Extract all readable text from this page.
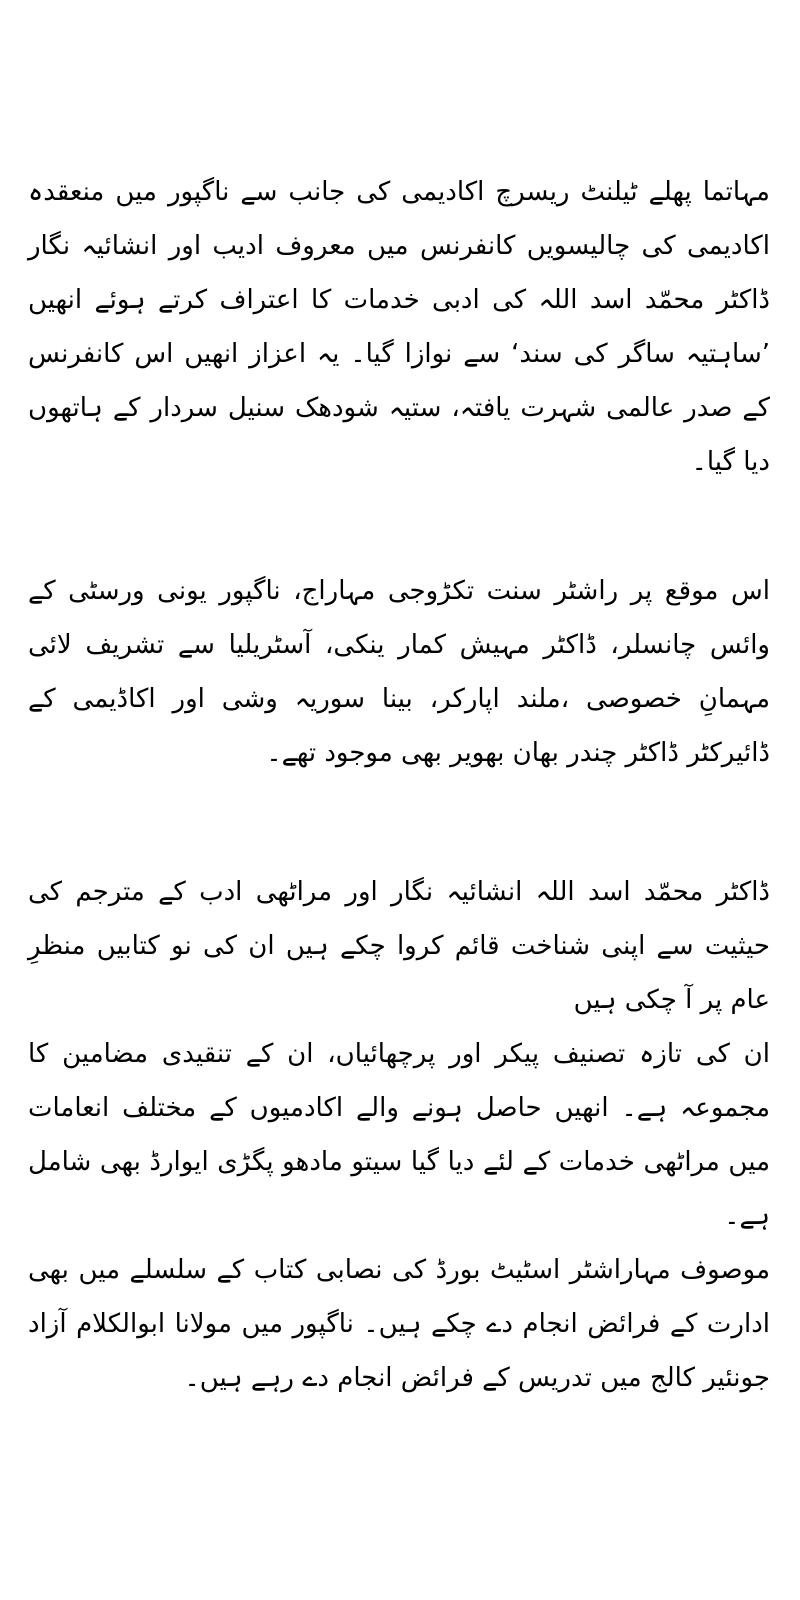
مہاتما پھلے ٹیلنٹ ریسرچ اکادیمی کی جانب سے ناگپور میں منعقدہ اکادیمی کی چالیسویں کانفرنس میں معروف ادیب اور انشائیہ نگار ڈاکٹر محمّد اسد اللہ کی ادبی خدمات کا اعتراف کرتے ہوئے انھیں ’ساہتیہ ساگر کی سند‘ سے نوازا گیا۔ یہ اعزاز انھیں اس کانفرنس کے صدر عالمی شہرت یافتہ، ستیہ شودھک سنیل سردار کے ہاتھوں دیا گیا۔

اس موقع پر راشٹر سنت تکڑوجی مہاراج، ناگپور یونی ورسٹی کے وائس چانسلر، ڈاکٹر مہیش کمار ینکی، آسٹریلیا سے تشریف لائی مہمانِ خصوصی ،ملند اپارکر، بینا سوریہ وشی اور اکاڈیمی کے ڈائیرکٹر ڈاکٹر چندر بھان بھویر بھی موجود تھے۔

ڈاکٹر محمّد اسد اللہ انشائیہ نگار اور مراٹھی ادب کے مترجم کی حیثیت سے اپنی شناخت قائم کروا چکے ہیں ان کی نو کتابیں منظرِ عام پر آ چکی ہیں

ان کی تازہ تصنیف پیکر اور پرچھائیاں، ان کے تنقیدی مضامین کا مجموعہ ہے۔ انھیں حاصل ہونے والے اکادمیوں کے مختلف انعامات میں مراٹھی خدمات کے لئے دیا گیا سیتو مادھو پگڑی ایوارڈ بھی شامل ہے۔

موصوف مہاراشٹر اسٹیٹ بورڈ کی نصابی کتاب کے سلسلے میں بھی ادارت کے فرائض انجام دے چکے ہیں۔ ناگپور میں مولانا ابوالکلام آزاد جونئیر کالج میں تدریس کے فرائض انجام دے رہے ہیں۔
